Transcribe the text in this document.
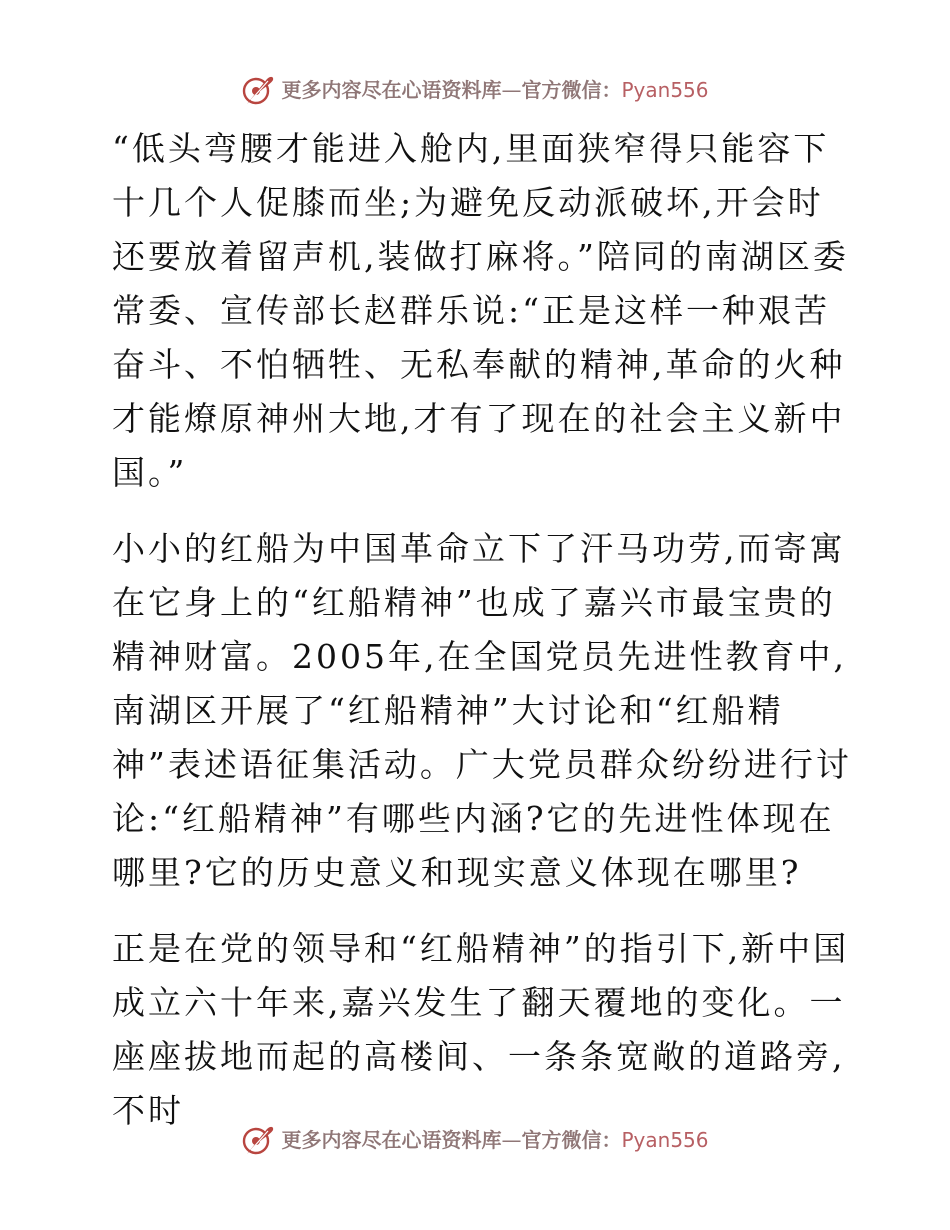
更多内容尽在心语资料库 — 官方微信： Pyan556

“低头弯腰才能进入舱内,里面狭窄得只能容下十几个人促膝而坐;为避免反动派破坏,开会时还要放着留声机,装做打麻将。”陪同的南湖区委常委、宣传部长赵群乐说:“正是这样一种艰苦奋斗、不怕牺牲、无私奉献的精神,革命的火种才能燎原神州大地,才有了现在的社会主义新中国。”

小小的红船为中国革命立下了汗马功劳,而寄寓在它身上的“红船精神”也成了嘉兴市最宝贵的精神财富。2005年,在全国党员先进性教育中,南湖区开展了“红船精神”大讨论和“红船精神”表述语征集活动。广大党员群众纷纷进行讨论:“红船精神”有哪些内涵?它的先进性体现在哪里?它的历史意义和现实意义体现在哪里?

正是在党的领导和“红船精神”的指引下,新中国成立六十年来,嘉兴发生了翻天覆地的变化。一座座拔地而起的高楼间、一条条宽敞的道路旁,不时

更多内容尽在心语资料库 — 官方微信： Pyan556
